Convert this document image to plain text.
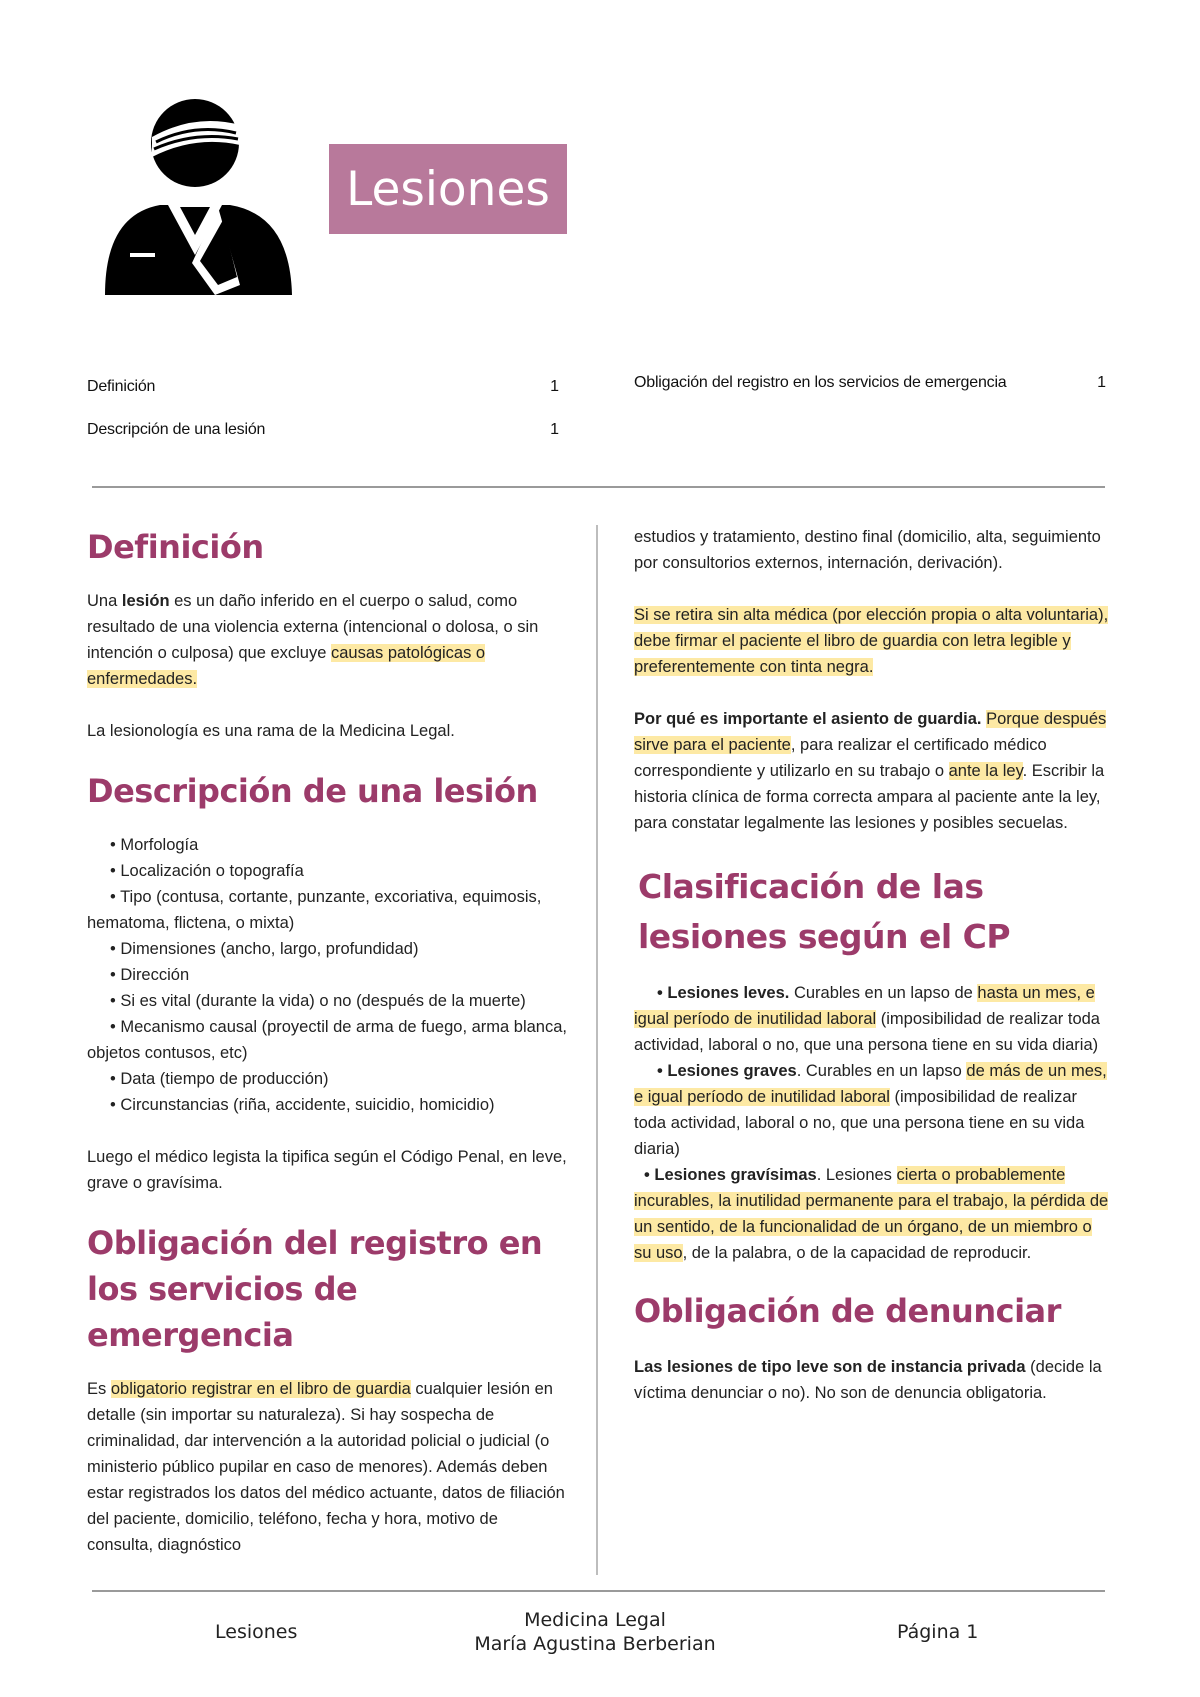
Lesiones
Definición	1
Descripción de una lesión	1
Obligación del registro en los servicios de emergencia	1
Definición

Una lesión es un daño inferido en el cuerpo o salud, como resultado de una violencia externa (intencional o dolosa, o sin intención o culposa) que excluye causas patológicas o enfermedades.

La lesionología es una rama de la Medicina Legal.

Descripción de una lesión
• Morfología
• Localización o topografía
• Tipo (contusa, cortante, punzante, excoriativa, equimosis, hematoma, flictena, o mixta)
• Dimensiones (ancho, largo, profundidad)
• Dirección
• Si es vital (durante la vida) o no (después de la muerte)
• Mecanismo causal (proyectil de arma de fuego, arma blanca, objetos contusos, etc)
• Data (tiempo de producción)
• Circunstancias (riña, accidente, suicidio, homicidio)

Luego el médico legista la tipifica según el Código Penal, en leve, grave o gravísima.

Obligación del registro en los servicios de emergencia

Es obligatorio registrar en el libro de guardia cualquier lesión en detalle (sin importar su naturaleza). Si hay sospecha de criminalidad, dar intervención a la autoridad policial o judicial (o ministerio público pupilar en caso de menores). Además deben estar registrados los datos del médico actuante, datos de filiación del paciente, domicilio, teléfono, fecha y hora, motivo de consulta, diagnóstico

estudios y tratamiento, destino final (domicilio, alta, seguimiento por consultorios externos, internación, derivación).

Si se retira sin alta médica (por elección propia o alta voluntaria), debe firmar el paciente el libro de guardia con letra legible y preferentemente con tinta negra.

Por qué es importante el asiento de guardia. Porque después sirve para el paciente, para realizar el certificado médico correspondiente y utilizarlo en su trabajo o ante la ley. Escribir la historia clínica de forma correcta ampara al paciente ante la ley, para constatar legalmente las lesiones y posibles secuelas.

Clasificación de las lesiones según el CP

• Lesiones leves. Curables en un lapso de hasta un mes, e igual período de inutilidad laboral (imposibilidad de realizar toda actividad, laboral o no, que una persona tiene en su vida diaria)

• Lesiones graves. Curables en un lapso de más de un mes, e igual período de inutilidad laboral (imposibilidad de realizar toda actividad, laboral o no, que una persona tiene en su vida diaria)

• Lesiones gravísimas. Lesiones cierta o probablemente incurables, la inutilidad permanente para el trabajo, la pérdida de un sentido, de la funcionalidad de un órgano, de un miembro o su uso, de la palabra, o de la capacidad de reproducir.

Obligación de denunciar

Las lesiones de tipo leve son de instancia privada (decide la víctima denunciar o no). No son de denuncia obligatoria.

Lesiones
Medicina Legal
María Agustina Berberian
Página 1
